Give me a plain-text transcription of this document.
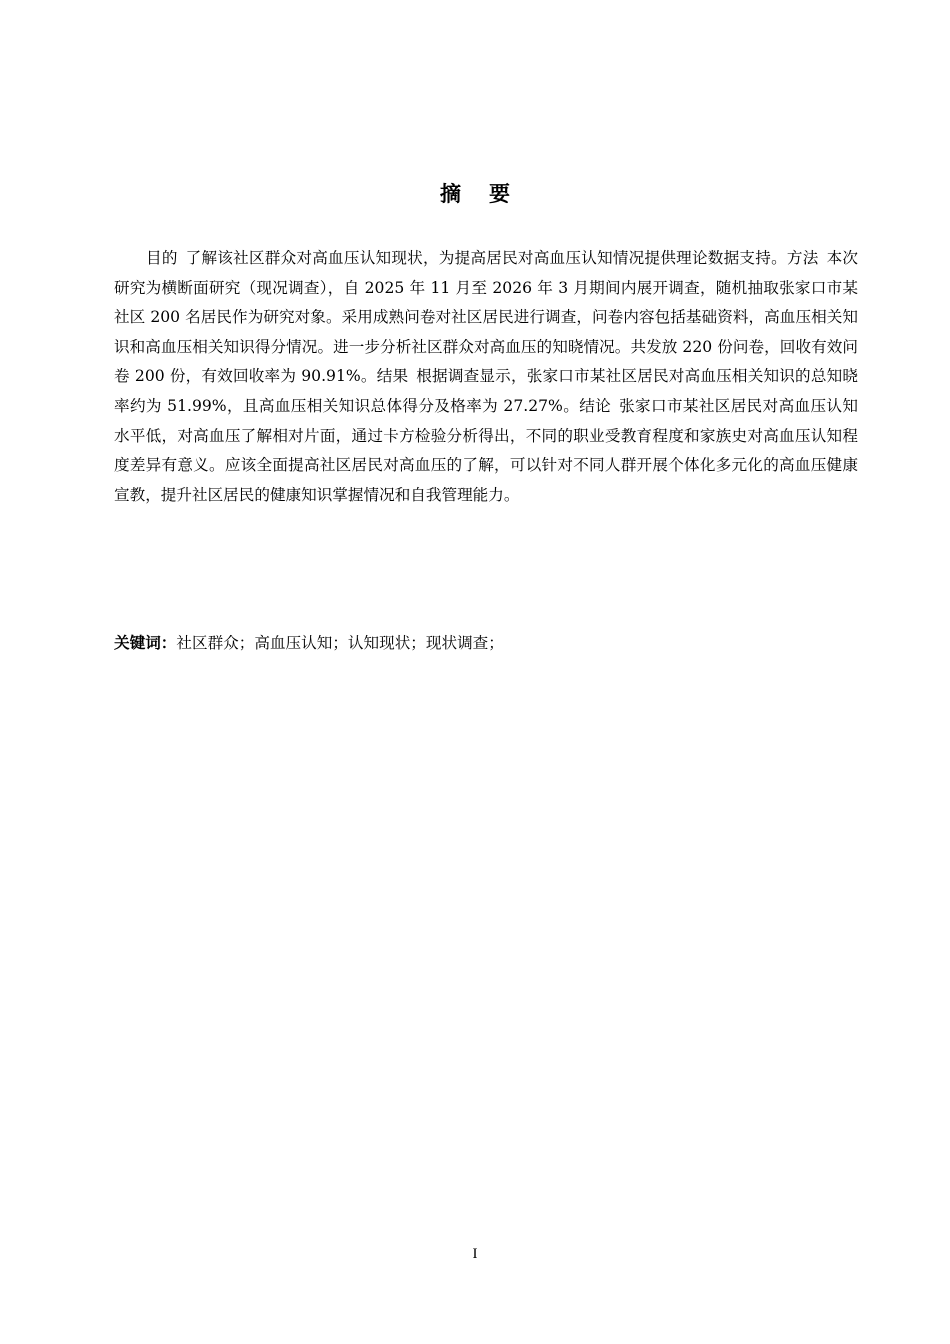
摘要

目的 了解该社区群众对高血压认知现状，为提高居民对高血压认知情况提供理论数据支持。方法 本次研究为横断面研究（现况调查），自 2025 年 11 月至 2026 年 3 月期间内展开调查，随机抽取张家口市某社区 200 名居民作为研究对象。采用成熟问卷对社区居民进行调查，问卷内容包括基础资料，高血压相关知识和高血压相关知识得分情况。进一步分析社区群众对高血压的知晓情况。共发放 220 份问卷，回收有效问卷 200 份，有效回收率为 90.91%。结果 根据调查显示，张家口市某社区居民对高血压相关知识的总知晓率约为 51.99%，且高血压相关知识总体得分及格率为 27.27%。结论 张家口市某社区居民对高血压认知水平低，对高血压了解相对片面，通过卡方检验分析得出，不同的职业受教育程度和家族史对高血压认知程度差异有意义。应该全面提高社区居民对高血压的了解，可以针对不同人群开展个体化多元化的高血压健康宣教，提升社区居民的健康知识掌握情况和自我管理能力。

关键词：社区群众；高血压认知；认知现状；现状调查；

I
